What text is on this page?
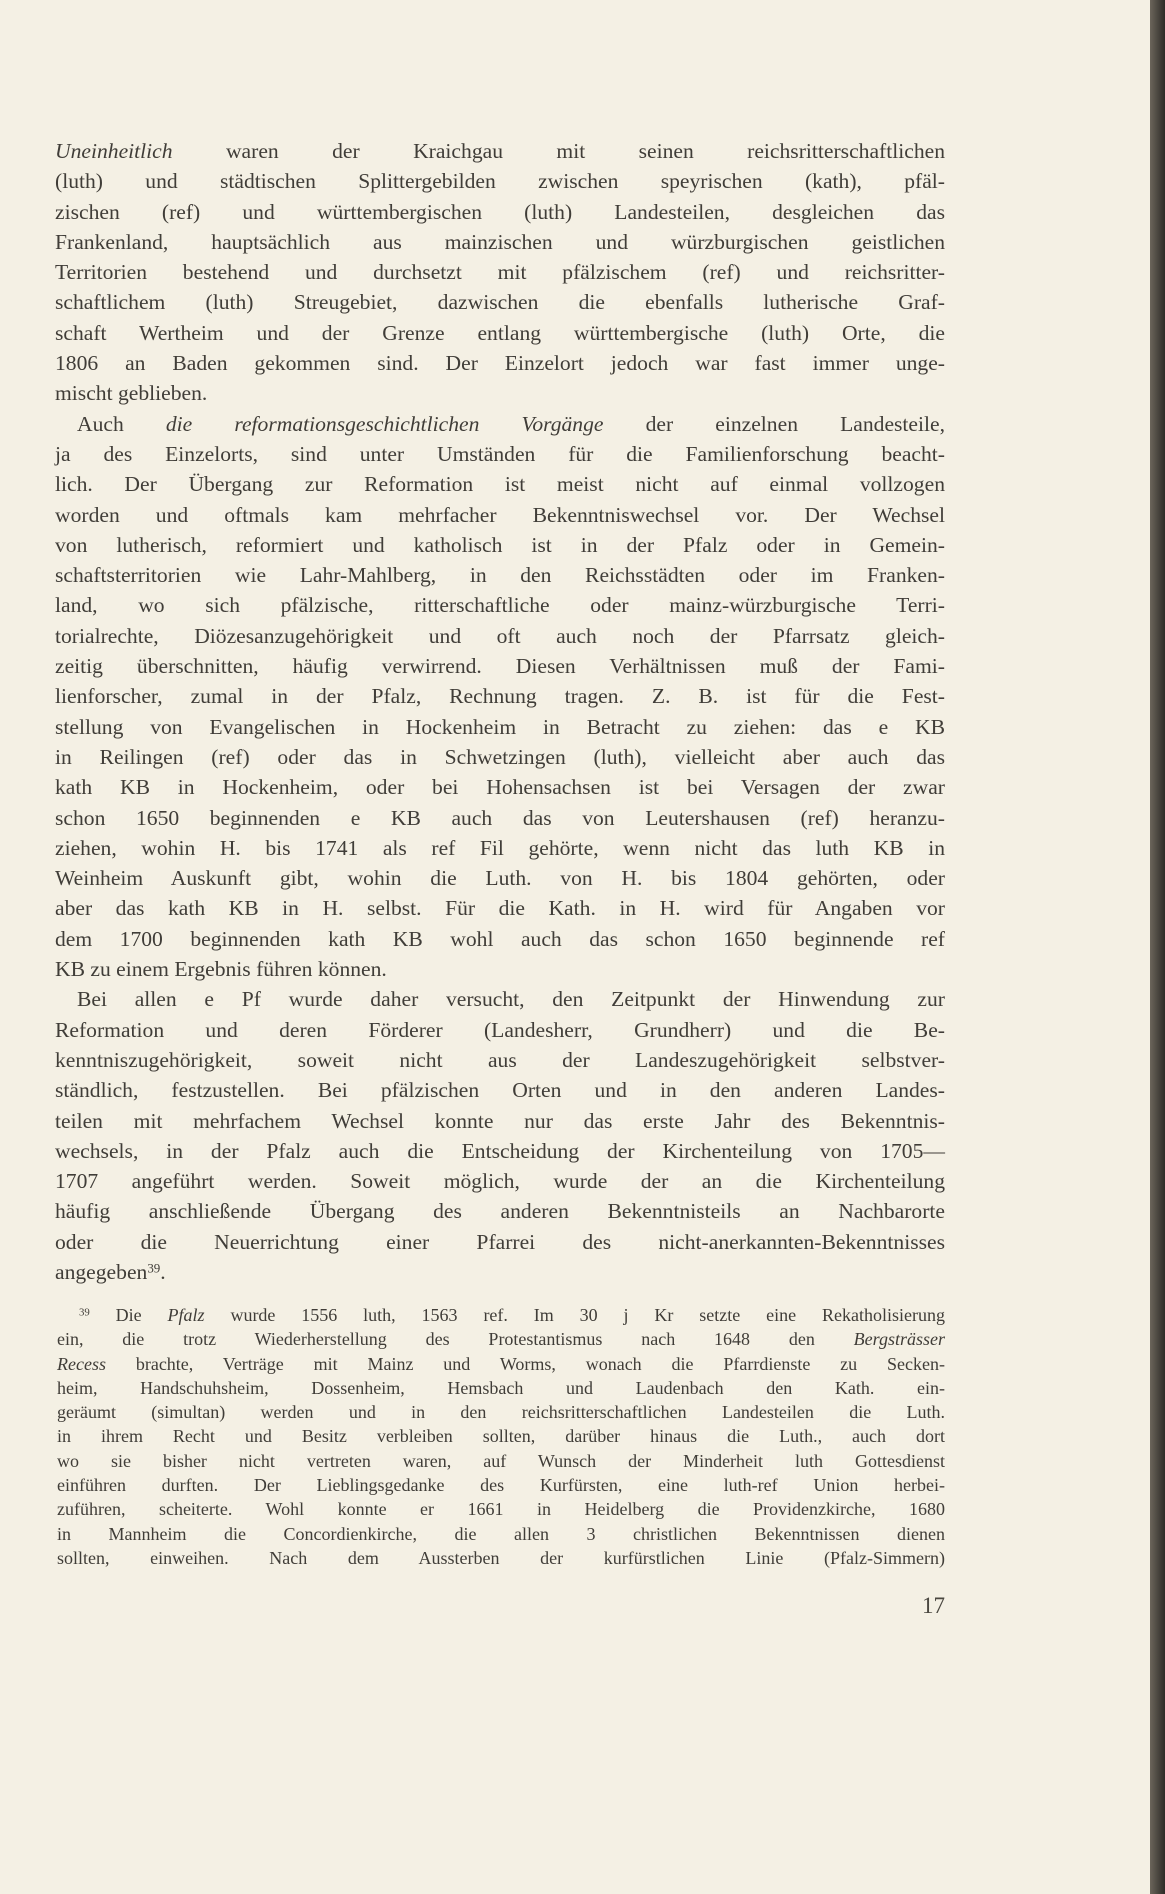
Uneinheitlich waren der Kraichgau mit seinen reichsritterschaftlichen
(luth) und städtischen Splittergebilden zwischen speyrischen (kath), pfäl-
zischen (ref) und württembergischen (luth) Landesteilen, desgleichen das
Frankenland, hauptsächlich aus mainzischen und würzburgischen geistlichen
Territorien bestehend und durchsetzt mit pfälzischem (ref) und reichsritter-
schaftlichem (luth) Streugebiet, dazwischen die ebenfalls lutherische Graf-
schaft Wertheim und der Grenze entlang württembergische (luth) Orte, die
1806 an Baden gekommen sind. Der Einzelort jedoch war fast immer unge-
mischt geblieben.
Auch die reformationsgeschichtlichen Vorgänge der einzelnen Landesteile,
ja des Einzelorts, sind unter Umständen für die Familienforschung beacht-
lich. Der Übergang zur Reformation ist meist nicht auf einmal vollzogen
worden und oftmals kam mehrfacher Bekenntniswechsel vor. Der Wechsel
von lutherisch, reformiert und katholisch ist in der Pfalz oder in Gemein-
schaftsterritorien wie Lahr-Mahlberg, in den Reichsstädten oder im Franken-
land, wo sich pfälzische, ritterschaftliche oder mainz-würzburgische Terri-
torialrechte, Diözesanzugehörigkeit und oft auch noch der Pfarrsatz gleich-
zeitig überschnitten, häufig verwirrend. Diesen Verhältnissen muß der Fami-
lienforscher, zumal in der Pfalz, Rechnung tragen. Z. B. ist für die Fest-
stellung von Evangelischen in Hockenheim in Betracht zu ziehen: das e KB
in Reilingen (ref) oder das in Schwetzingen (luth), vielleicht aber auch das
kath KB in Hockenheim, oder bei Hohensachsen ist bei Versagen der zwar
schon 1650 beginnenden e KB auch das von Leutershausen (ref) heranzu-
ziehen, wohin H. bis 1741 als ref Fil gehörte, wenn nicht das luth KB in
Weinheim Auskunft gibt, wohin die Luth. von H. bis 1804 gehörten, oder
aber das kath KB in H. selbst. Für die Kath. in H. wird für Angaben vor
dem 1700 beginnenden kath KB wohl auch das schon 1650 beginnende ref
KB zu einem Ergebnis führen können.
Bei allen e Pf wurde daher versucht, den Zeitpunkt der Hinwendung zur
Reformation und deren Förderer (Landesherr, Grundherr) und die Be-
kenntniszugehörigkeit, soweit nicht aus der Landeszugehörigkeit selbstver-
ständlich, festzustellen. Bei pfälzischen Orten und in den anderen Landes-
teilen mit mehrfachem Wechsel konnte nur das erste Jahr des Bekenntnis-
wechsels, in der Pfalz auch die Entscheidung der Kirchenteilung von 1705—
1707 angeführt werden. Soweit möglich, wurde der an die Kirchenteilung
häufig anschließende Übergang des anderen Bekenntnisteils an Nachbarorte
oder die Neuerrichtung einer Pfarrei des nicht-anerkannten-Bekenntnisses
angegeben$^{39}$.
$^{39}$ Die Pfalz wurde 1556 luth, 1563 ref. Im 30 j Kr setzte eine Rekatholisierung
ein, die trotz Wiederherstellung des Protestantismus nach 1648 den Bergsträsser
Recess brachte, Verträge mit Mainz und Worms, wonach die Pfarrdienste zu Secken-
heim, Handschuhsheim, Dossenheim, Hemsbach und Laudenbach den Kath. ein-
geräumt (simultan) werden und in den reichsritterschaftlichen Landesteilen die Luth.
in ihrem Recht und Besitz verbleiben sollten, darüber hinaus die Luth., auch dort
wo sie bisher nicht vertreten waren, auf Wunsch der Minderheit luth Gottesdienst
einführen durften. Der Lieblingsgedanke des Kurfürsten, eine luth-ref Union herbei-
zuführen, scheiterte. Wohl konnte er 1661 in Heidelberg die Providenzkirche, 1680
in Mannheim die Concordienkirche, die allen 3 christlichen Bekenntnissen dienen
sollten, einweihen. Nach dem Aussterben der kurfürstlichen Linie (Pfalz-Simmern)
17
